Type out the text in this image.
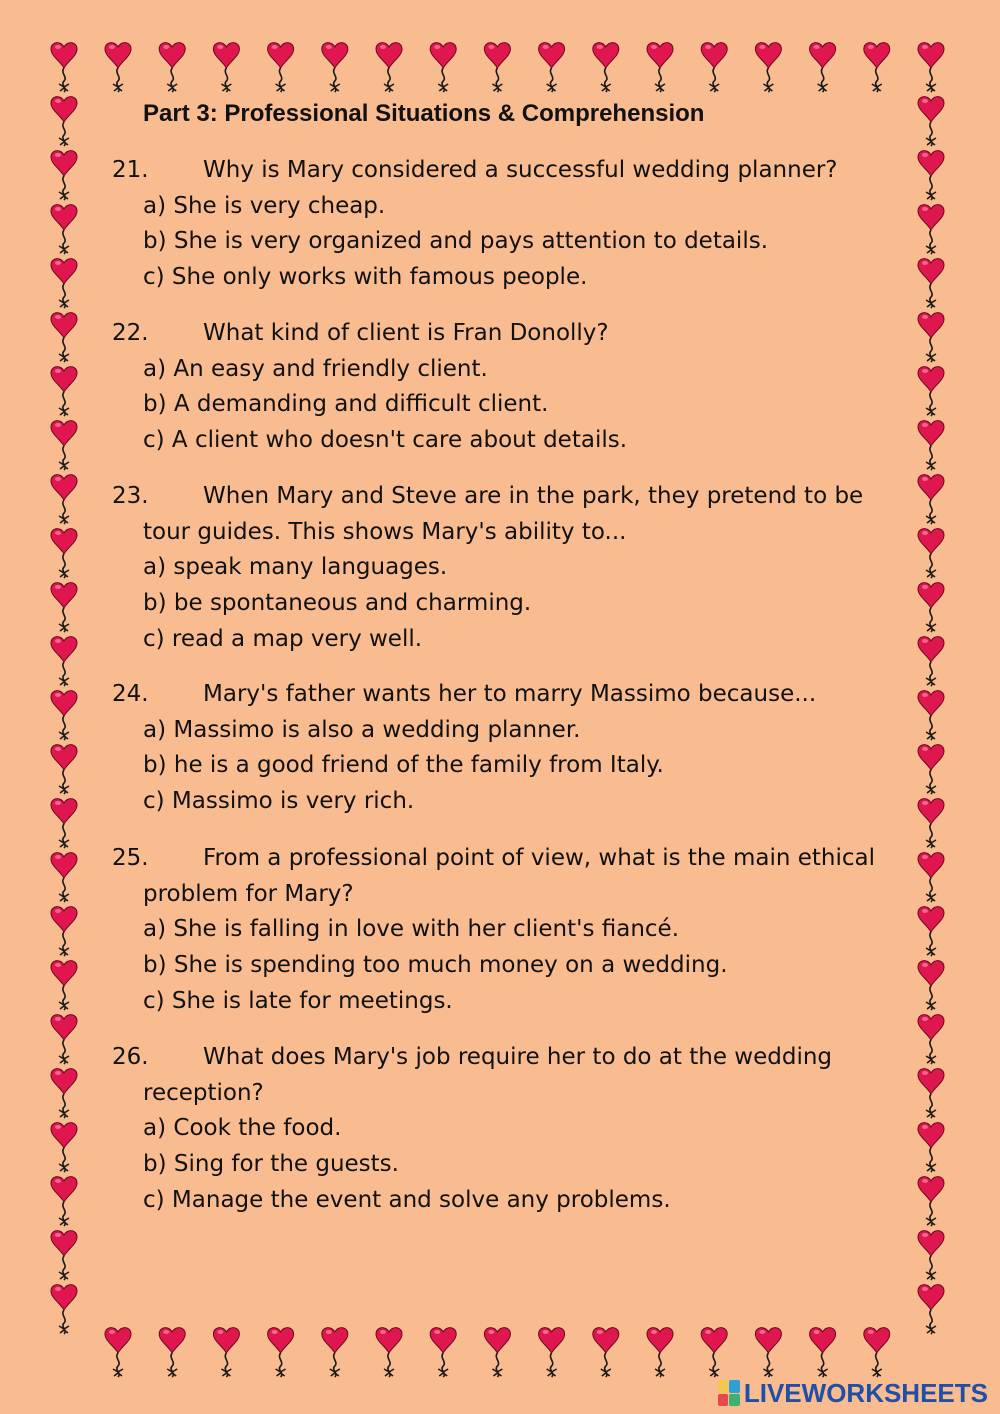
Part 3: Professional Situations & Comprehension
21. Why is Mary considered a successful wedding planner?
a) She is very cheap.
b) She is very organized and pays attention to details.
c) She only works with famous people.
22. What kind of client is Fran Donolly?
a) An easy and friendly client.
b) A demanding and difficult client.
c) A client who doesn't care about details.
23. When Mary and Steve are in the park, they pretend to be
tour guides. This shows Mary's ability to...
a) speak many languages.
b) be spontaneous and charming.
c) read a map very well.
24. Mary's father wants her to marry Massimo because...
a) Massimo is also a wedding planner.
b) he is a good friend of the family from Italy.
c) Massimo is very rich.
25. From a professional point of view, what is the main ethical
problem for Mary?
a) She is falling in love with her client's fiancé.
b) She is spending too much money on a wedding.
c) She is late for meetings.
26. What does Mary's job require her to do at the wedding
reception?
a) Cook the food.
b) Sing for the guests.
c) Manage the event and solve any problems.
LIVEWORKSHEETS
